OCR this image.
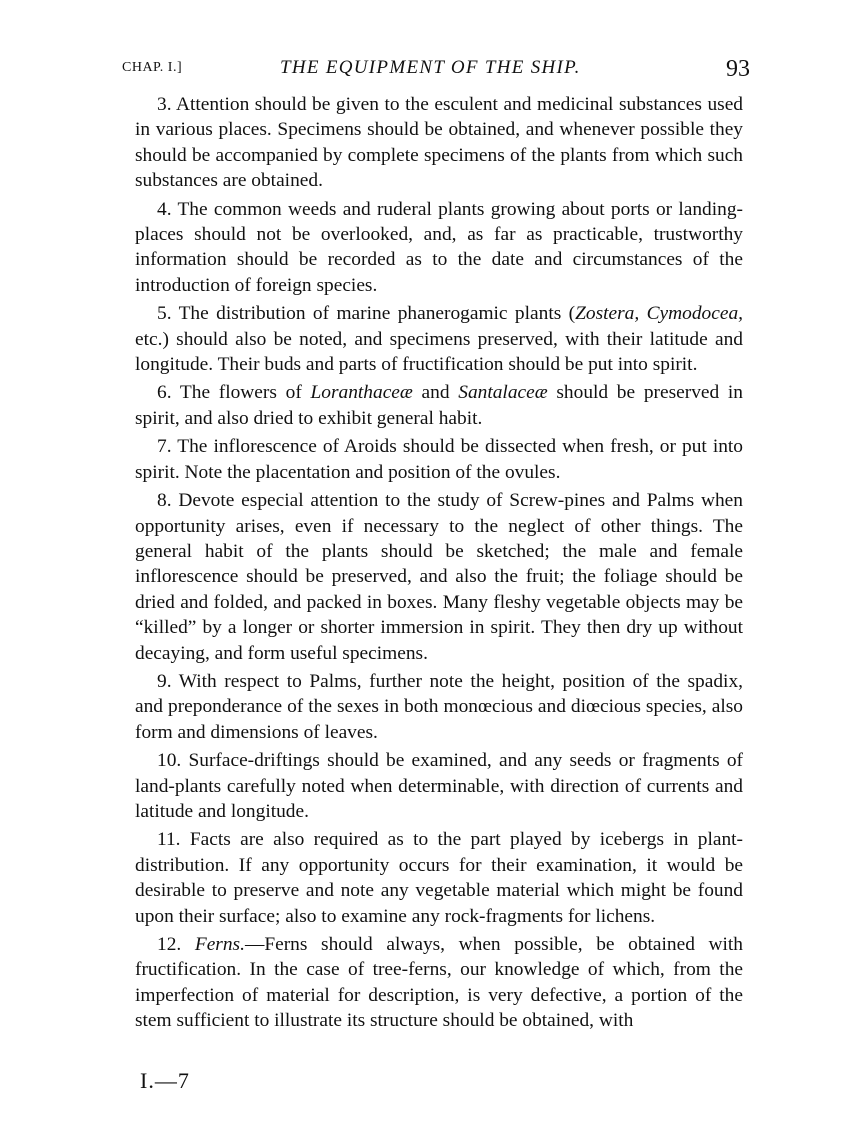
CHAP. I.]	THE EQUIPMENT OF THE SHIP.	93

3. Attention should be given to the esculent and medicinal substances used in various places. Specimens should be obtained, and whenever possible they should be accompanied by complete specimens of the plants from which such substances are obtained.

4. The common weeds and ruderal plants growing about ports or landing-places should not be overlooked, and, as far as practicable, trustworthy information should be recorded as to the date and circumstances of the introduction of foreign species.

5. The distribution of marine phanerogamic plants (Zostera, Cymodocea, etc.) should also be noted, and specimens preserved, with their latitude and longitude. Their buds and parts of fructification should be put into spirit.

6. The flowers of Loranthaceæ and Santalaceæ should be preserved in spirit, and also dried to exhibit general habit.

7. The inflorescence of Aroids should be dissected when fresh, or put into spirit. Note the placentation and position of the ovules.

8. Devote especial attention to the study of Screw-pines and Palms when opportunity arises, even if necessary to the neglect of other things. The general habit of the plants should be sketched; the male and female inflorescence should be preserved, and also the fruit; the foliage should be dried and folded, and packed in boxes. Many fleshy vegetable objects may be “killed” by a longer or shorter immersion in spirit. They then dry up without decaying, and form useful specimens.

9. With respect to Palms, further note the height, position of the spadix, and preponderance of the sexes in both monœcious and diœcious species, also form and dimensions of leaves.

10. Surface-driftings should be examined, and any seeds or fragments of land-plants carefully noted when determinable, with direction of currents and latitude and longitude.

11. Facts are also required as to the part played by icebergs in plant-distribution. If any opportunity occurs for their examination, it would be desirable to preserve and note any vegetable material which might be found upon their surface; also to examine any rock-fragments for lichens.

12. Ferns.—Ferns should always, when possible, be obtained with fructification. In the case of tree-ferns, our knowledge of which, from the imperfection of material for description, is very defective, a portion of the stem sufficient to illustrate its structure should be obtained, with

I.—7
